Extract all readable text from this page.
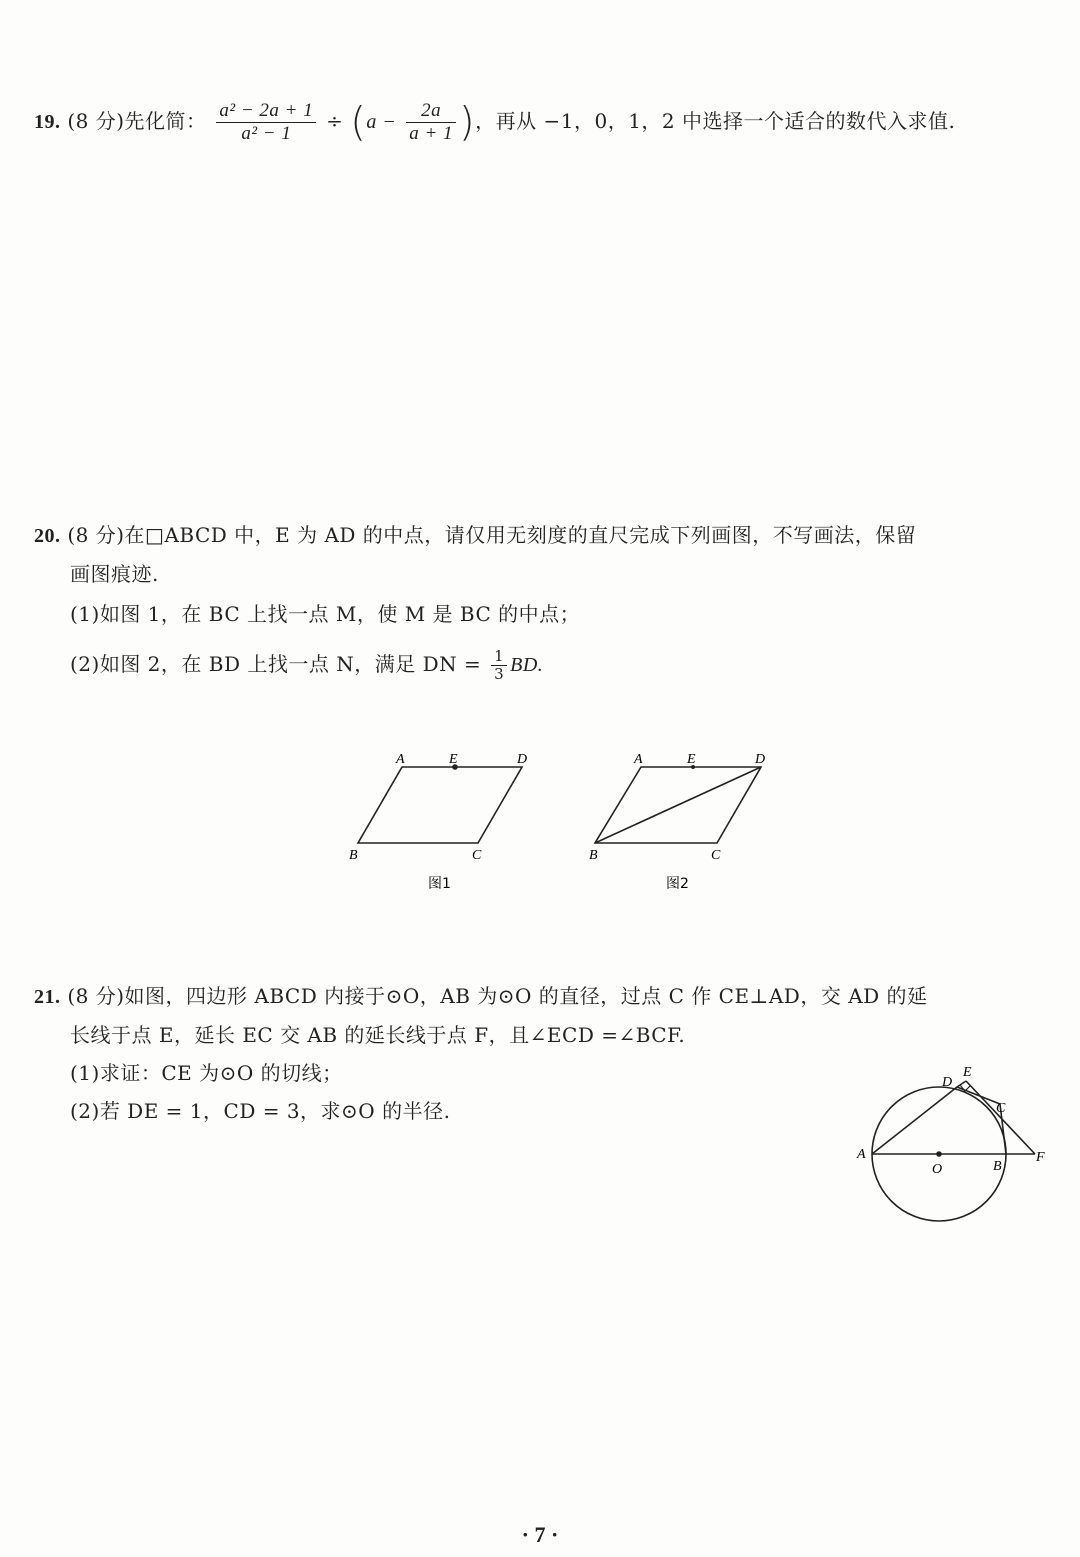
19. (8 分)先化简： $\frac{\text{a² − 2a + 1}}{\text{a² − 1}} \div (a - \frac{2a}{a + 1}$ )，再从 −1，0，1，2 中选择一个适合的数代入求值.
20. (8 分)在□ABCD 中，E 为 AD 的中点，请仅用无刻度的直尺完成下列画图，不写画法，保留
画图痕迹.
(1)如图 1，在 BC 上找一点 M，使 M 是 BC 的中点；
(2)如图 2，在 BD 上找一点 N，满足 DN = $\frac{1}{3}$ BD.
A	E	D
B	C
图1
A	E	D
B	C
图2
21. (8 分)如图，四边形 ABCD 内接于⊙O，AB 为⊙O 的直径，过点 C 作 CE⊥AD，交 AD 的延
长线于点 E，延长 EC 交 AB 的延长线于点 F，且∠ECD =∠BCF.
(1)求证：CE 为⊙O 的切线；
(2)若 DE = 1，CD = 3，求⊙O 的半径.
A
O	B
F
D
E
C
· 7 ·
